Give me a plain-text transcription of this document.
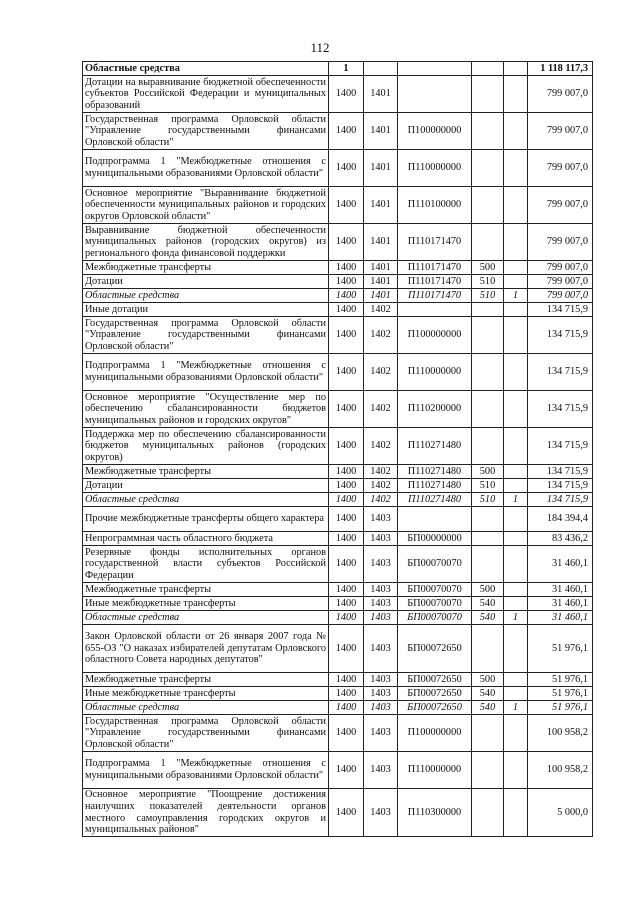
112
Областные средства	1					1 118 117,3
Дотации на выравнивание бюджетной обеспеченности субъектов Российской Федерации и муниципальных образований	1400	1401				799 007,0
Государственная программа Орловской области "Управление государственными финансами Орловской области"	1400	1401	П100000000			799 007,0
Подпрограмма 1 "Межбюджетные отношения с муниципальными образованиями Орловской области"	1400	1401	П110000000			799 007,0
Основное мероприятие "Выравнивание бюджетной обеспеченности муниципальных районов и городских округов Орловской области"	1400	1401	П110100000			799 007,0
Выравнивание бюджетной обеспеченности муниципальных районов (городских округов) из регионального фонда финансовой поддержки	1400	1401	П110171470			799 007,0
Межбюджетные трансферты	1400	1401	П110171470	500		799 007,0
Дотации	1400	1401	П110171470	510		799 007,0
Областные средства	1400	1401	П110171470	510	1	799 007,0
Иные дотации	1400	1402				134 715,9
Государственная программа Орловской области "Управление государственными финансами Орловской области"	1400	1402	П100000000			134 715,9
Подпрограмма 1 "Межбюджетные отношения с муниципальными образованиями Орловской области"	1400	1402	П110000000			134 715,9
Основное мероприятие "Осуществление мер по обеспечению сбалансированности бюджетов муниципальных районов и городских округов"	1400	1402	П110200000			134 715,9
Поддержка мер по обеспечению сбалансированности бюджетов муниципальных районов (городских округов)	1400	1402	П110271480			134 715,9
Межбюджетные трансферты	1400	1402	П110271480	500		134 715,9
Дотации	1400	1402	П110271480	510		134 715,9
Областные средства	1400	1402	П110271480	510	1	134 715,9
Прочие межбюджетные трансферты общего характера	1400	1403				184 394,4
Непрограммная часть областного бюджета	1400	1403	БП00000000			83 436,2
Резервные фонды исполнительных органов государственной власти субъектов Российской Федерации	1400	1403	БП00070070			31 460,1
Межбюджетные трансферты	1400	1403	БП00070070	500		31 460,1
Иные межбюджетные трансферты	1400	1403	БП00070070	540		31 460,1
Областные средства	1400	1403	БП00070070	540	1	31 460,1
Закон Орловской области от 26 января 2007 года № 655-ОЗ "О наказах избирателей депутатам Орловского областного Совета народных депутатов"	1400	1403	БП00072650			51 976,1
Межбюджетные трансферты	1400	1403	БП00072650	500		51 976,1
Иные межбюджетные трансферты	1400	1403	БП00072650	540		51 976,1
Областные средства	1400	1403	БП00072650	540	1	51 976,1
Государственная программа Орловской области "Управление государственными финансами Орловской области"	1400	1403	П100000000			100 958,2
Подпрограмма 1 "Межбюджетные отношения с муниципальными образованиями Орловской области"	1400	1403	П110000000			100 958,2
Основное мероприятие "Поощрение достижения наилучших показателей деятельности органов местного самоуправления городских округов и муниципальных районов"	1400	1403	П110300000			5 000,0
